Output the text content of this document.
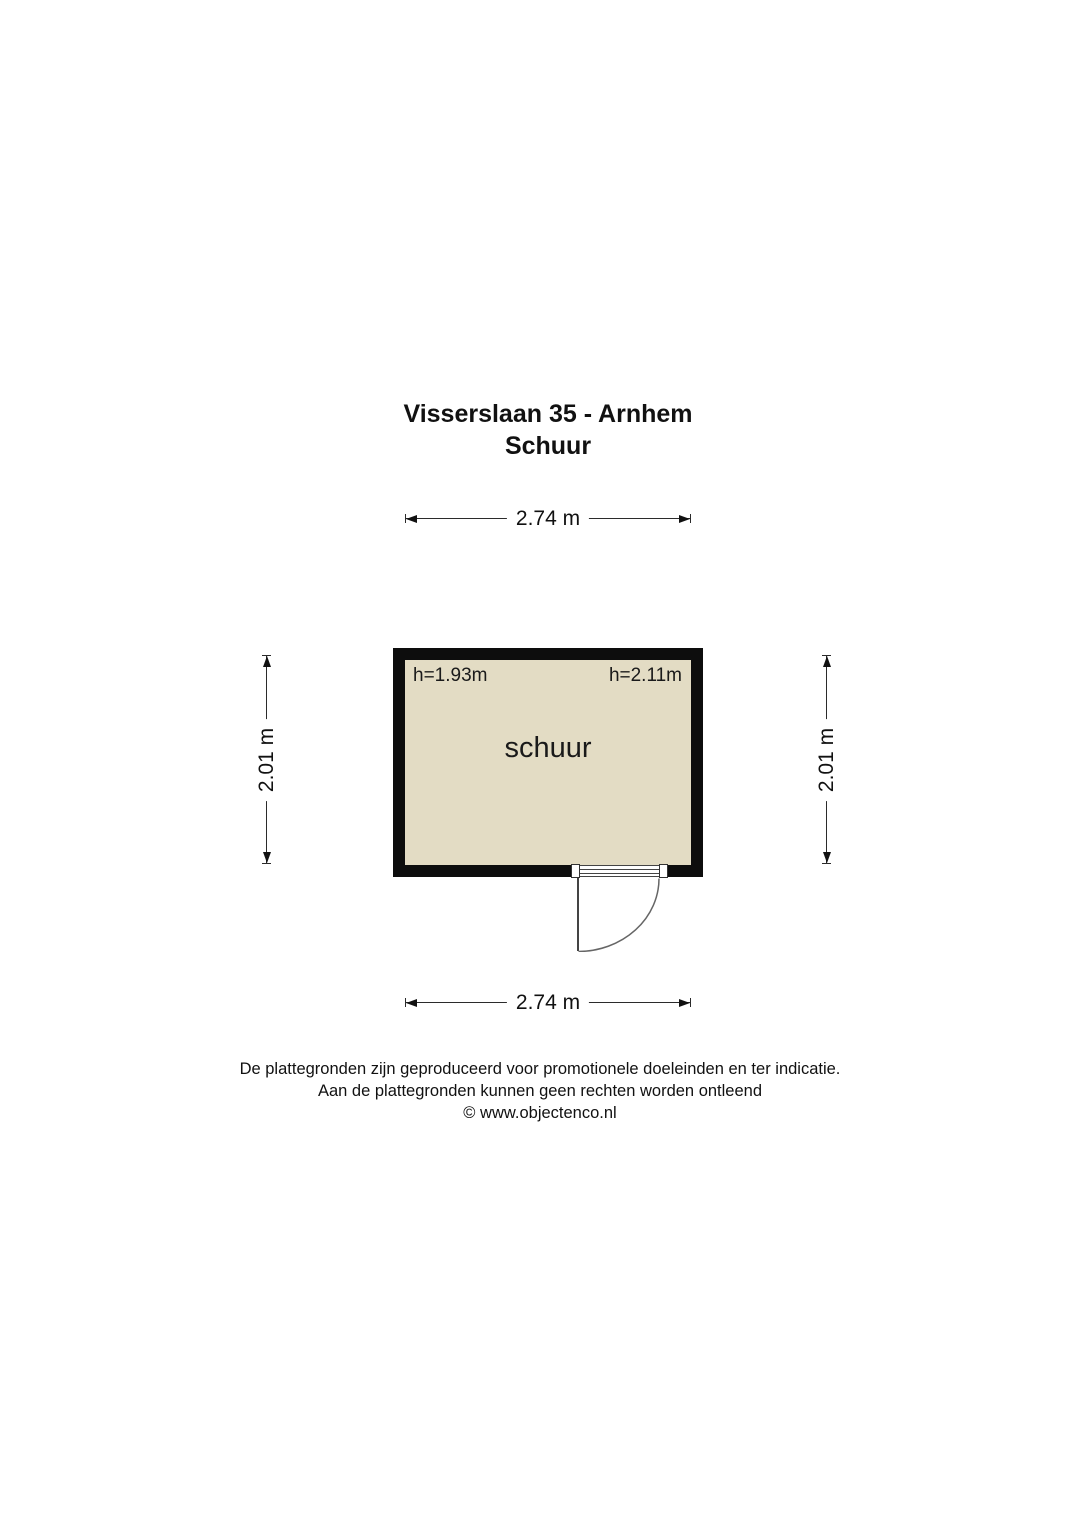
Visserslaan 35 - Arnhem
Schuur
2.74 m
2.01 m	2.01 m
h=1.93m	h=2.11m
schuur
2.74 m
De plattegronden zijn geproduceerd voor promotionele doeleinden en ter indicatie.
Aan de plattegronden kunnen geen rechten worden ontleend
© www.objectenco.nl
